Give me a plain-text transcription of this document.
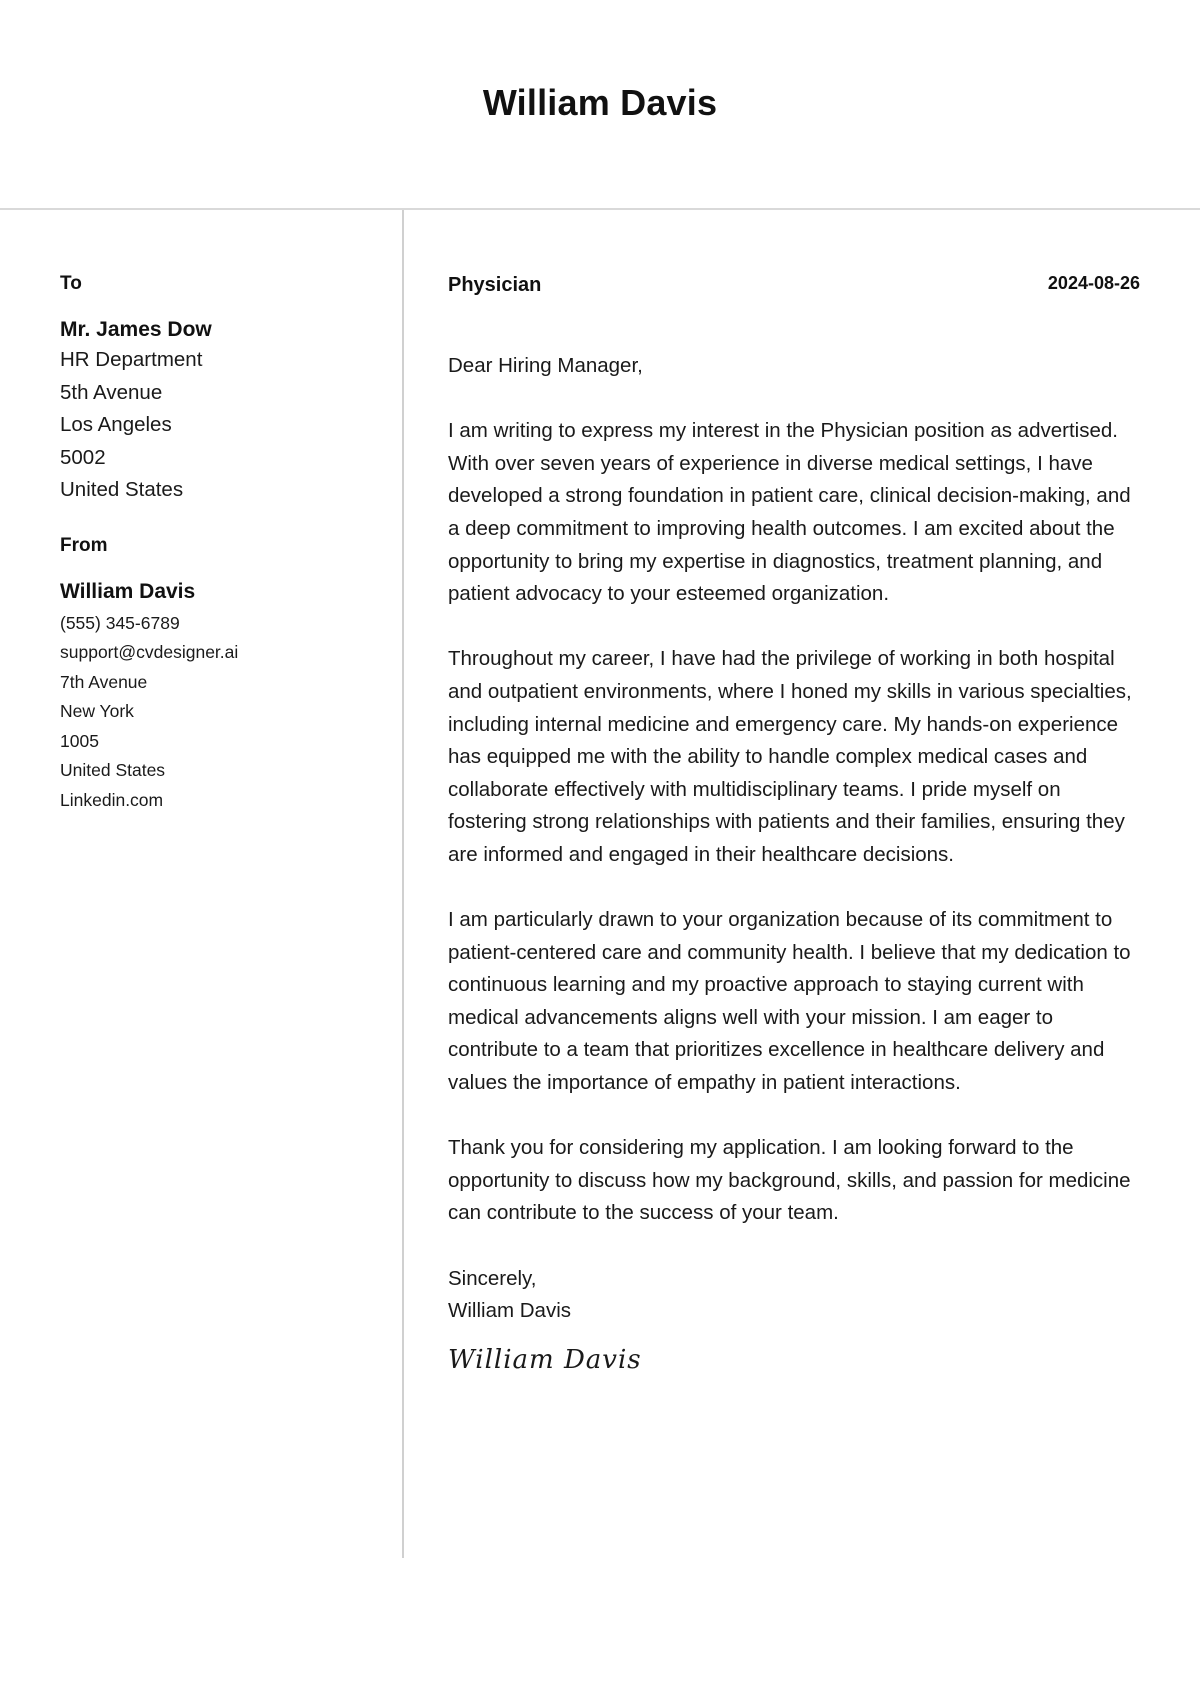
William Davis
To
Mr. James Dow
HR Department
5th Avenue
Los Angeles
5002
United States
From
William Davis
(555) 345-6789
support@cvdesigner.ai
7th Avenue
New York
1005
United States
Linkedin.com
Physician	2024-08-26

Dear Hiring Manager,

I am writing to express my interest in the Physician position as advertised. With over seven years of experience in diverse medical settings, I have developed a strong foundation in patient care, clinical decision-making, and a deep commitment to improving health outcomes. I am excited about the opportunity to bring my expertise in diagnostics, treatment planning, and patient advocacy to your esteemed organization.

Throughout my career, I have had the privilege of working in both hospital and outpatient environments, where I honed my skills in various specialties, including internal medicine and emergency care. My hands-on experience has equipped me with the ability to handle complex medical cases and collaborate effectively with multidisciplinary teams. I pride myself on fostering strong relationships with patients and their families, ensuring they are informed and engaged in their healthcare decisions.

I am particularly drawn to your organization because of its commitment to patient-centered care and community health. I believe that my dedication to continuous learning and my proactive approach to staying current with medical advancements aligns well with your mission. I am eager to contribute to a team that prioritizes excellence in healthcare delivery and values the importance of empathy in patient interactions.

Thank you for considering my application. I am looking forward to the opportunity to discuss how my background, skills, and passion for medicine can contribute to the success of your team.

Sincerely,

William Davis

William Davis
